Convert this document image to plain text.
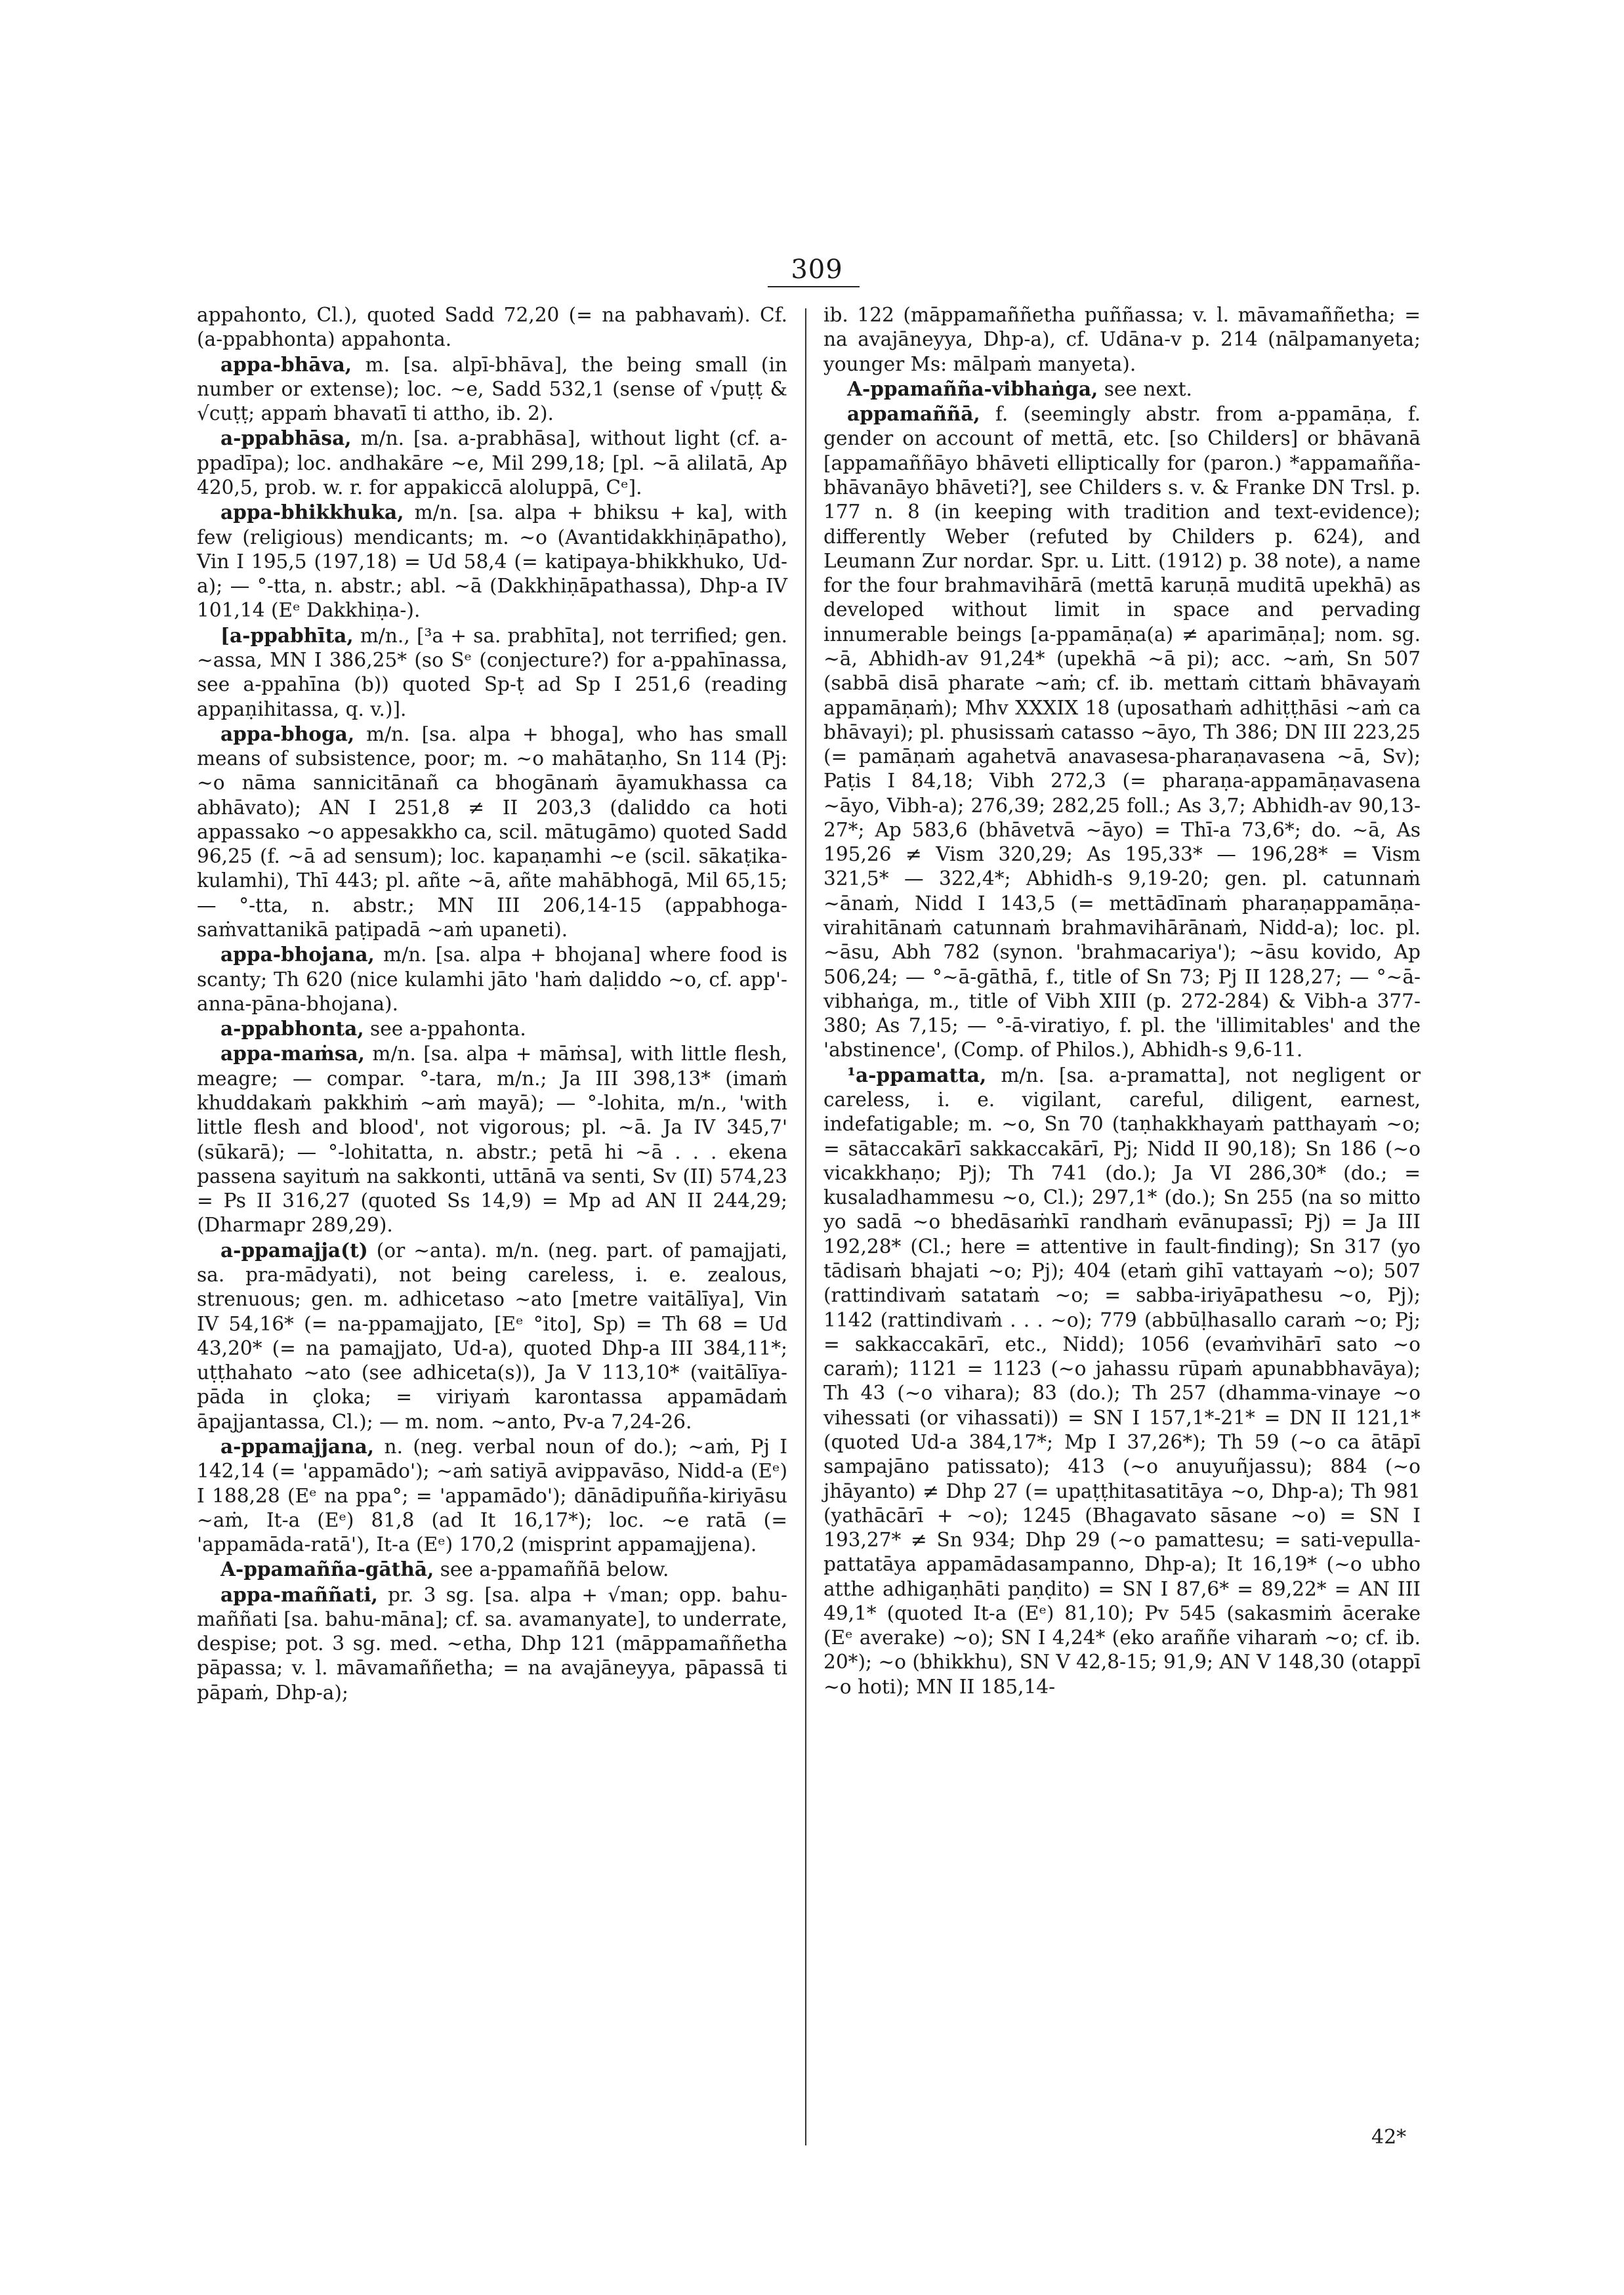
309

appahonto, Cl.), quoted Sadd 72,20 (= na pabhavaṁ). Cf. (a-ppabhonta) appahonta.

appa-bhāva, m. [sa. alpī-bhāva], the being small (in number or extense); loc. ~e, Sadd 532,1 (sense of √puṭṭ & √cuṭṭ; appaṁ bhavatī ti attho, ib. 2).

a-ppabhāsa, m/n. [sa. a-prabhāsa], without light (cf. a-ppadīpa); loc. andhakāre ~e, Mil 299,18; [pl. ~ā alilatā, Ap 420,5, prob. w. r. for appakiccā aloluppā, Cᵉ].

appa-bhikkhuka, m/n. [sa. alpa + bhiksu + ka], with few (religious) mendicants; m. ~o (Avantidakkhiṇāpatho), Vin I 195,5 (197,18) = Ud 58,4 (= katipaya-bhikkhuko, Ud-a); — °-tta, n. abstr.; abl. ~ā (Dakkhiṇāpathassa), Dhp-a IV 101,14 (Eᵉ Dakkhiṇa-).

[a-ppabhīta, m/n., [³a + sa. prabhīta], not terrified; gen. ~assa, MN I 386,25* (so Sᵉ (conjecture?) for a-ppahīnassa, see a-ppahīna (b)) quoted Sp-ṭ ad Sp I 251,6 (reading appaṇihitassa, q. v.)].

appa-bhoga, m/n. [sa. alpa + bhoga], who has small means of subsistence, poor; m. ~o mahātaṇho, Sn 114 (Pj: ~o nāma sannicitānañ ca bhogānaṁ āyamukhassa ca abhāvato); AN I 251,8 ≠ II 203,3 (daliddo ca hoti appassako ~o appesakkho ca, scil. mātugāmo) quoted Sadd 96,25 (f. ~ā ad sensum); loc. kapaṇamhi ~e (scil. sākaṭika-kulamhi), Thī 443; pl. añte ~ā, añte mahābhogā, Mil 65,15; — °-tta, n. abstr.; MN III 206,14-15 (appabhoga-saṁvattanikā paṭipadā ~aṁ upaneti).

appa-bhojana, m/n. [sa. alpa + bhojana] where food is scanty; Th 620 (nice kulamhi jāto 'haṁ daḷiddo ~o, cf. app'-anna-pāna-bhojana).

a-ppabhonta, see a-ppahonta.

appa-maṁsa, m/n. [sa. alpa + māṁsa], with little flesh, meagre; — compar. °-tara, m/n.; Ja III 398,13* (imaṁ khuddakaṁ pakkhiṁ ~aṁ mayā); — °-lohita, m/n., 'with little flesh and blood', not vigorous; pl. ~ā. Ja IV 345,7' (sūkarā); — °-lohitatta, n. abstr.; petā hi ~ā . . . ekena passena sayituṁ na sakkonti, uttānā va senti, Sv (II) 574,23 = Ps II 316,27 (quoted Ss 14,9) = Mp ad AN II 244,29; (Dharmapr 289,29).

a-ppamajja(t) (or ~anta). m/n. (neg. part. of pamajjati, sa. pra-mādyati), not being careless, i. e. zealous, strenuous; gen. m. adhicetaso ~ato [metre vaitālīya], Vin IV 54,16* (= na-ppamajjato, [Eᵉ °ito], Sp) = Th 68 = Ud 43,20* (= na pamajjato, Ud-a), quoted Dhp-a III 384,11*; uṭṭhahato ~ato (see adhiceta(s)), Ja V 113,10* (vaitālīya-pāda in çloka; = viriyaṁ karontassa appamādaṁ āpajjantassa, Cl.); — m. nom. ~anto, Pv-a 7,24-26.

a-ppamajjana, n. (neg. verbal noun of do.); ~aṁ, Pj I 142,14 (= 'appamādo'); ~aṁ satiyā avippavāso, Nidd-a (Eᵉ) I 188,28 (Eᵉ na ppa°; = 'appamādo'); dānādipuñña-kiriyāsu ~aṁ, It-a (Eᵉ) 81,8 (ad It 16,17*); loc. ~e ratā (= 'appamāda-ratā'), It-a (Eᵉ) 170,2 (misprint appamajjena).

A-ppamañña-gāthā, see a-ppamaññā below.

appa-maññati, pr. 3 sg. [sa. alpa + √man; opp. bahu-maññati [sa. bahu-māna]; cf. sa. avamanyate], to underrate, despise; pot. 3 sg. med. ~etha, Dhp 121 (māppamaññetha pāpassa; v. l. māvamaññetha; = na avajāneyya, pāpassā ti pāpaṁ, Dhp-a);

ib. 122 (māppamaññetha puññassa; v. l. māvamaññetha; = na avajāneyya, Dhp-a), cf. Udāna-v p. 214 (nālpamanyeta; younger Ms: mālpaṁ manyeta).

A-ppamañña-vibhaṅga, see next.

appamaññā, f. (seemingly abstr. from a-ppamāṇa, f. gender on account of mettā, etc. [so Childers] or bhāvanā [appamaññāyo bhāveti elliptically for (paron.) *appamañña-bhāvanāyo bhāveti?], see Childers s. v. & Franke DN Trsl. p. 177 n. 8 (in keeping with tradition and text-evidence); differently Weber (refuted by Childers p. 624), and Leumann Zur nordar. Spr. u. Litt. (1912) p. 38 note), a name for the four brahmavihārā (mettā karuṇā muditā upekhā) as developed without limit in space and pervading innumerable beings [a-ppamāṇa(a) ≠ aparimāṇa]; nom. sg. ~ā, Abhidh-av 91,24* (upekhā ~ā pi); acc. ~aṁ, Sn 507 (sabbā disā pharate ~aṁ; cf. ib. mettaṁ cittaṁ bhāvayaṁ appamāṇaṁ); Mhv XXXIX 18 (uposathaṁ adhiṭṭhāsi ~aṁ ca bhāvayi); pl. phusissaṁ catasso ~āyo, Th 386; DN III 223,25 (= pamāṇaṁ agahetvā anavasesa-pharaṇavasena ~ā, Sv); Paṭis I 84,18; Vibh 272,3 (= pharaṇa-appamāṇavasena ~āyo, Vibh-a); 276,39; 282,25 foll.; As 3,7; Abhidh-av 90,13-27*; Ap 583,6 (bhāvetvā ~āyo) = Thī-a 73,6*; do. ~ā, As 195,26 ≠ Vism 320,29; As 195,33* — 196,28* = Vism 321,5* — 322,4*; Abhidh-s 9,19-20; gen. pl. catunnaṁ ~ānaṁ, Nidd I 143,5 (= mettādīnaṁ pharaṇappamāṇa-virahitānaṁ catunnaṁ brahmavihārānaṁ, Nidd-a); loc. pl. ~āsu, Abh 782 (synon. 'brahmacariya'); ~āsu kovido, Ap 506,24; — °~ā-gāthā, f., title of Sn 73; Pj II 128,27; — °~ā-vibhaṅga, m., title of Vibh XIII (p. 272-284) & Vibh-a 377-380; As 7,15; — °-ā-viratiyo, f. pl. the 'illimitables' and the 'abstinence', (Comp. of Philos.), Abhidh-s 9,6-11.

¹a-ppamatta, m/n. [sa. a-pramatta], not negligent or careless, i. e. vigilant, careful, diligent, earnest, indefatigable; m. ~o, Sn 70 (taṇhakkhayaṁ patthayaṁ ~o; = sātaccakārī sakkaccakārī, Pj; Nidd II 90,18); Sn 186 (~o vicakkhaṇo; Pj); Th 741 (do.); Ja VI 286,30* (do.; = kusaladhammesu ~o, Cl.); 297,1* (do.); Sn 255 (na so mitto yo sadā ~o bhedāsaṁkī randhaṁ evānupassī; Pj) = Ja III 192,28* (Cl.; here = attentive in fault-finding); Sn 317 (yo tādisaṁ bhajati ~o; Pj); 404 (etaṁ gihī vattayaṁ ~o); 507 (rattindivaṁ satataṁ ~o; = sabba-iriyāpathesu ~o, Pj); 1142 (rattindivaṁ . . . ~o); 779 (abbūḷhasallo caraṁ ~o; Pj; = sakkaccakārī, etc., Nidd); 1056 (evaṁvihārī sato ~o caraṁ); 1121 = 1123 (~o jahassu rūpaṁ apunabbhavāya); Th 43 (~o vihara); 83 (do.); Th 257 (dhamma-vinaye ~o vihessati (or vihassati)) = SN I 157,1*-21* = DN II 121,1* (quoted Ud-a 384,17*; Mp I 37,26*); Th 59 (~o ca ātāpī sampajāno patissato); 413 (~o anuyuñjassu); 884 (~o jhāyanto) ≠ Dhp 27 (= upaṭṭhitasatitāya ~o, Dhp-a); Th 981 (yathācārī + ~o); 1245 (Bhagavato sāsane ~o) = SN I 193,27* ≠ Sn 934; Dhp 29 (~o pamattesu; = sati-vepulla-pattatāya appamādasampanno, Dhp-a); It 16,19* (~o ubho atthe adhigaṇhāti paṇḍito) = SN I 87,6* = 89,22* = AN III 49,1* (quoted It-a (Eᵉ) 81,10); Pv 545 (sakasmiṁ ācerake (Eᵉ averake) ~o); SN I 4,24* (eko araññe viharaṁ ~o; cf. ib. 20*); ~o (bhikkhu), SN V 42,8-15; 91,9; AN V 148,30 (otappī ~o hoti); MN II 185,14-

42*
